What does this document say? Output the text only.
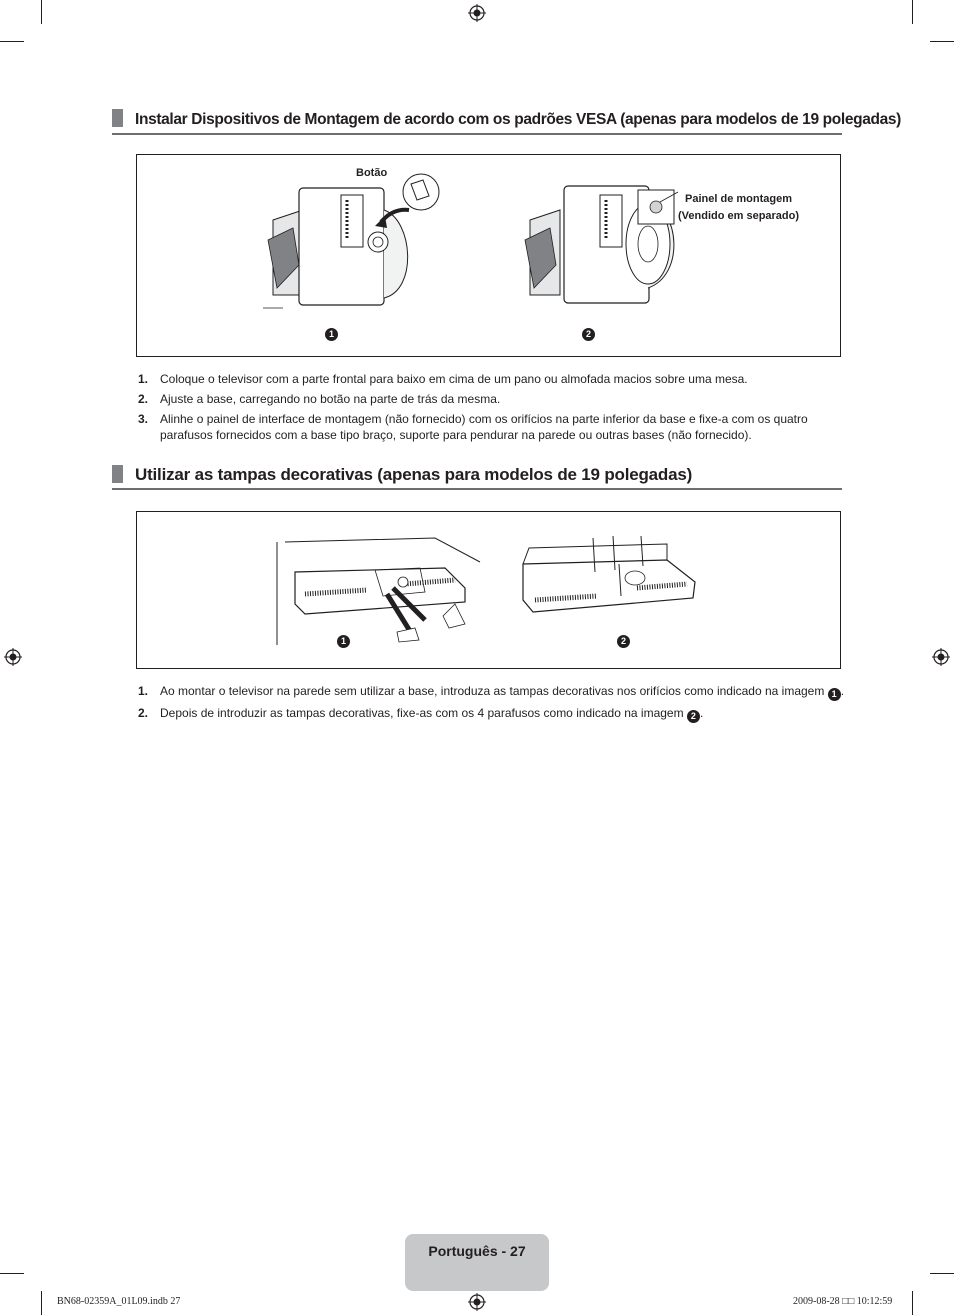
Instalar Dispositivos de Montagem de acordo com os padrões VESA (apenas para modelos de 19 polegadas)
Botão
1
Painel de montagem
(Vendido em separado)
2
1. Coloque o televisor com a parte frontal para baixo em cima de um pano ou almofada macios sobre uma mesa.
2. Ajuste a base, carregando no botão na parte de trás da mesma.
3. Alinhe o painel de interface de montagem (não fornecido) com os orifícios na parte inferior da base e fixe-a com os quatro parafusos fornecidos com a base tipo braço, suporte para pendurar na parede ou outras bases (não fornecido).
Utilizar as tampas decorativas (apenas para modelos de 19 polegadas)
1	2
1. Ao montar o televisor na parede sem utilizar a base, introduza as tampas decorativas nos orifícios como indicado na imagem 1 .
2. Depois de introduzir as tampas decorativas, fixe-as com os 4 parafusos como indicado na imagem 2 .
Português - 27
BN68-02359A_01L09.indb 27	2009-08-28 □□ 10:12:59
